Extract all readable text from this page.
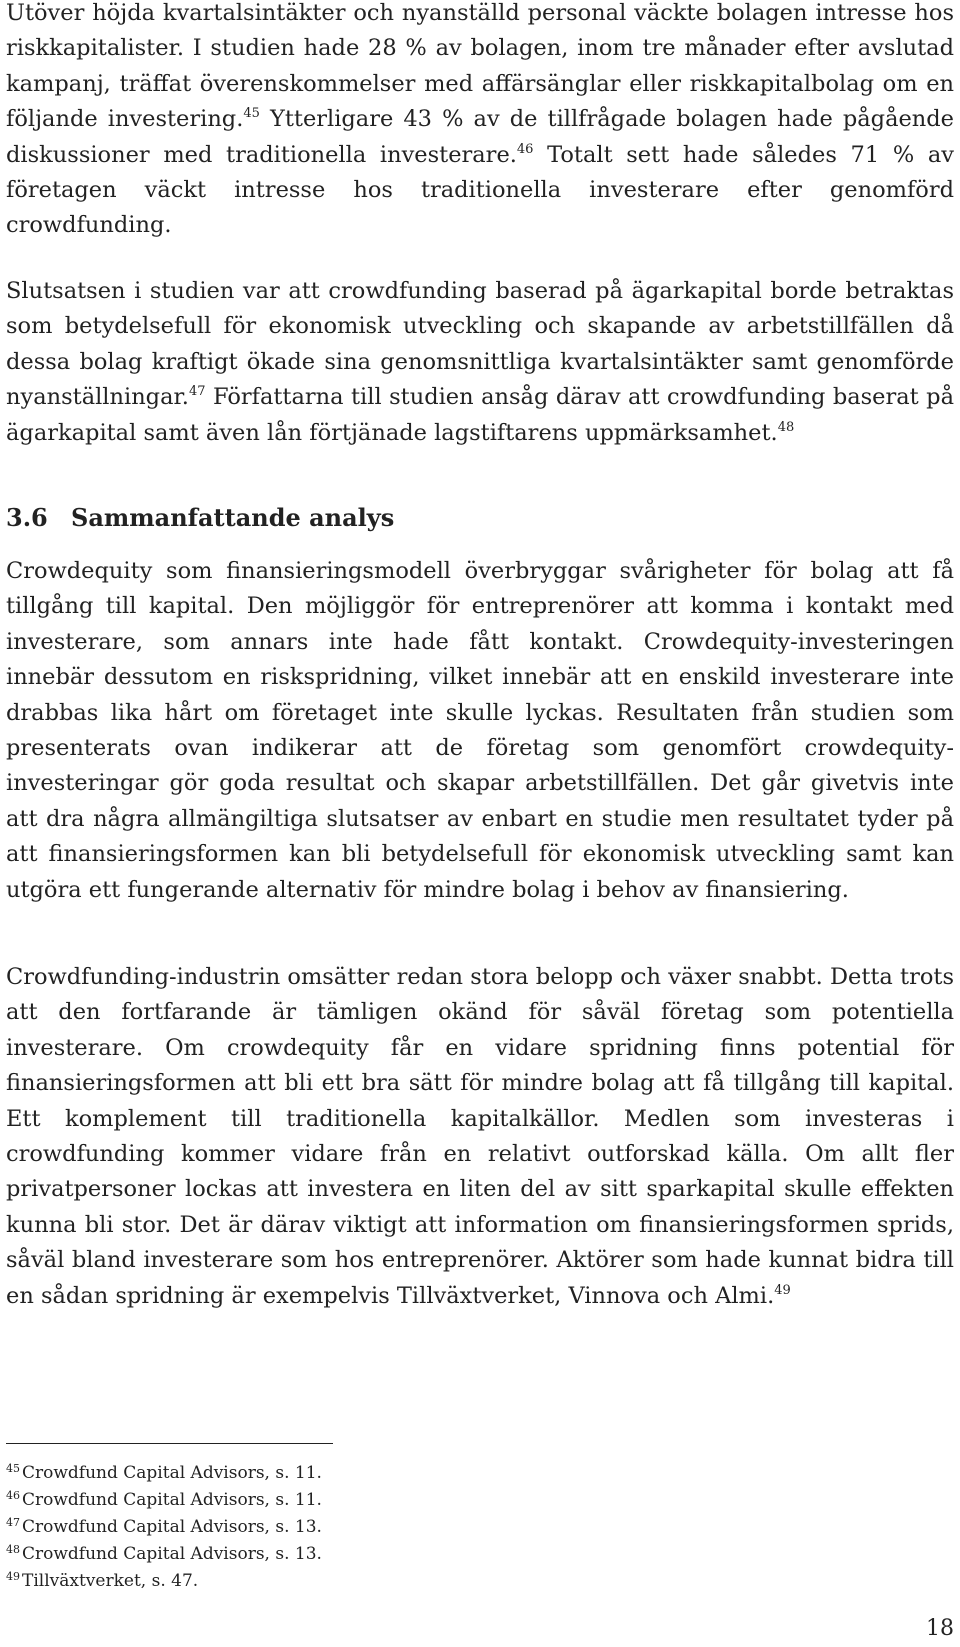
Utöver höjda kvartalsintäkter och nyanställd personal väckte bolagen intresse hos riskkapitalister. I studien hade 28 % av bolagen, inom tre månader efter avslutad kampanj, träffat överenskommelser med affärsänglar eller riskkapitalbolag om en följande investering.$^{45}$ Ytterligare 43 % av de tillfrågade bolagen hade pågående diskussioner med traditionella investerare.$^{46}$ Totalt sett hade således 71 % av företagen väckt intresse hos traditionella investerare efter genomförd crowdfunding.

Slutsatsen i studien var att crowdfunding baserad på ägarkapital borde betraktas som betydelsefull för ekonomisk utveckling och skapande av arbetstillfällen då dessa bolag kraftigt ökade sina genomsnittliga kvartalsintäkter samt genomförde nyanställningar.$^{47}$ Författarna till studien ansåg därav att crowdfunding baserat på ägarkapital samt även lån förtjänade lagstiftarens uppmärksamhet.$^{48}$

3.6 Sammanfattande analys

Crowdequity som finansieringsmodell överbryggar svårigheter för bolag att få tillgång till kapital. Den möjliggör för entreprenörer att komma i kontakt med investerare, som annars inte hade fått kontakt. Crowdequity-investeringen innebär dessutom en riskspridning, vilket innebär att en enskild investerare inte drabbas lika hårt om företaget inte skulle lyckas. Resultaten från studien som presenterats ovan indikerar att de företag som genomfört crowdequity-investeringar gör goda resultat och skapar arbetstillfällen. Det går givetvis inte att dra några allmängiltiga slutsatser av enbart en studie men resultatet tyder på att finansieringsformen kan bli betydelsefull för ekonomisk utveckling samt kan utgöra ett fungerande alternativ för mindre bolag i behov av finansiering.

Crowdfunding-industrin omsätter redan stora belopp och växer snabbt. Detta trots att den fortfarande är tämligen okänd för såväl företag som potentiella investerare. Om crowdequity får en vidare spridning finns potential för finansieringsformen att bli ett bra sätt för mindre bolag att få tillgång till kapital. Ett komplement till traditionella kapitalkällor. Medlen som investeras i crowdfunding kommer vidare från en relativt outforskad källa. Om allt fler privatpersoner lockas att investera en liten del av sitt sparkapital skulle effekten kunna bli stor. Det är därav viktigt att information om finansieringsformen sprids, såväl bland investerare som hos entreprenörer. Aktörer som hade kunnat bidra till en sådan spridning är exempelvis Tillväxtverket, Vinnova och Almi.$^{49}$

$^{45}$ Crowdfund Capital Advisors, s. 11.
$^{46}$ Crowdfund Capital Advisors, s. 11.
$^{47}$ Crowdfund Capital Advisors, s. 13.
$^{48}$ Crowdfund Capital Advisors, s. 13.
$^{49}$ Tillväxtverket, s. 47.
18
